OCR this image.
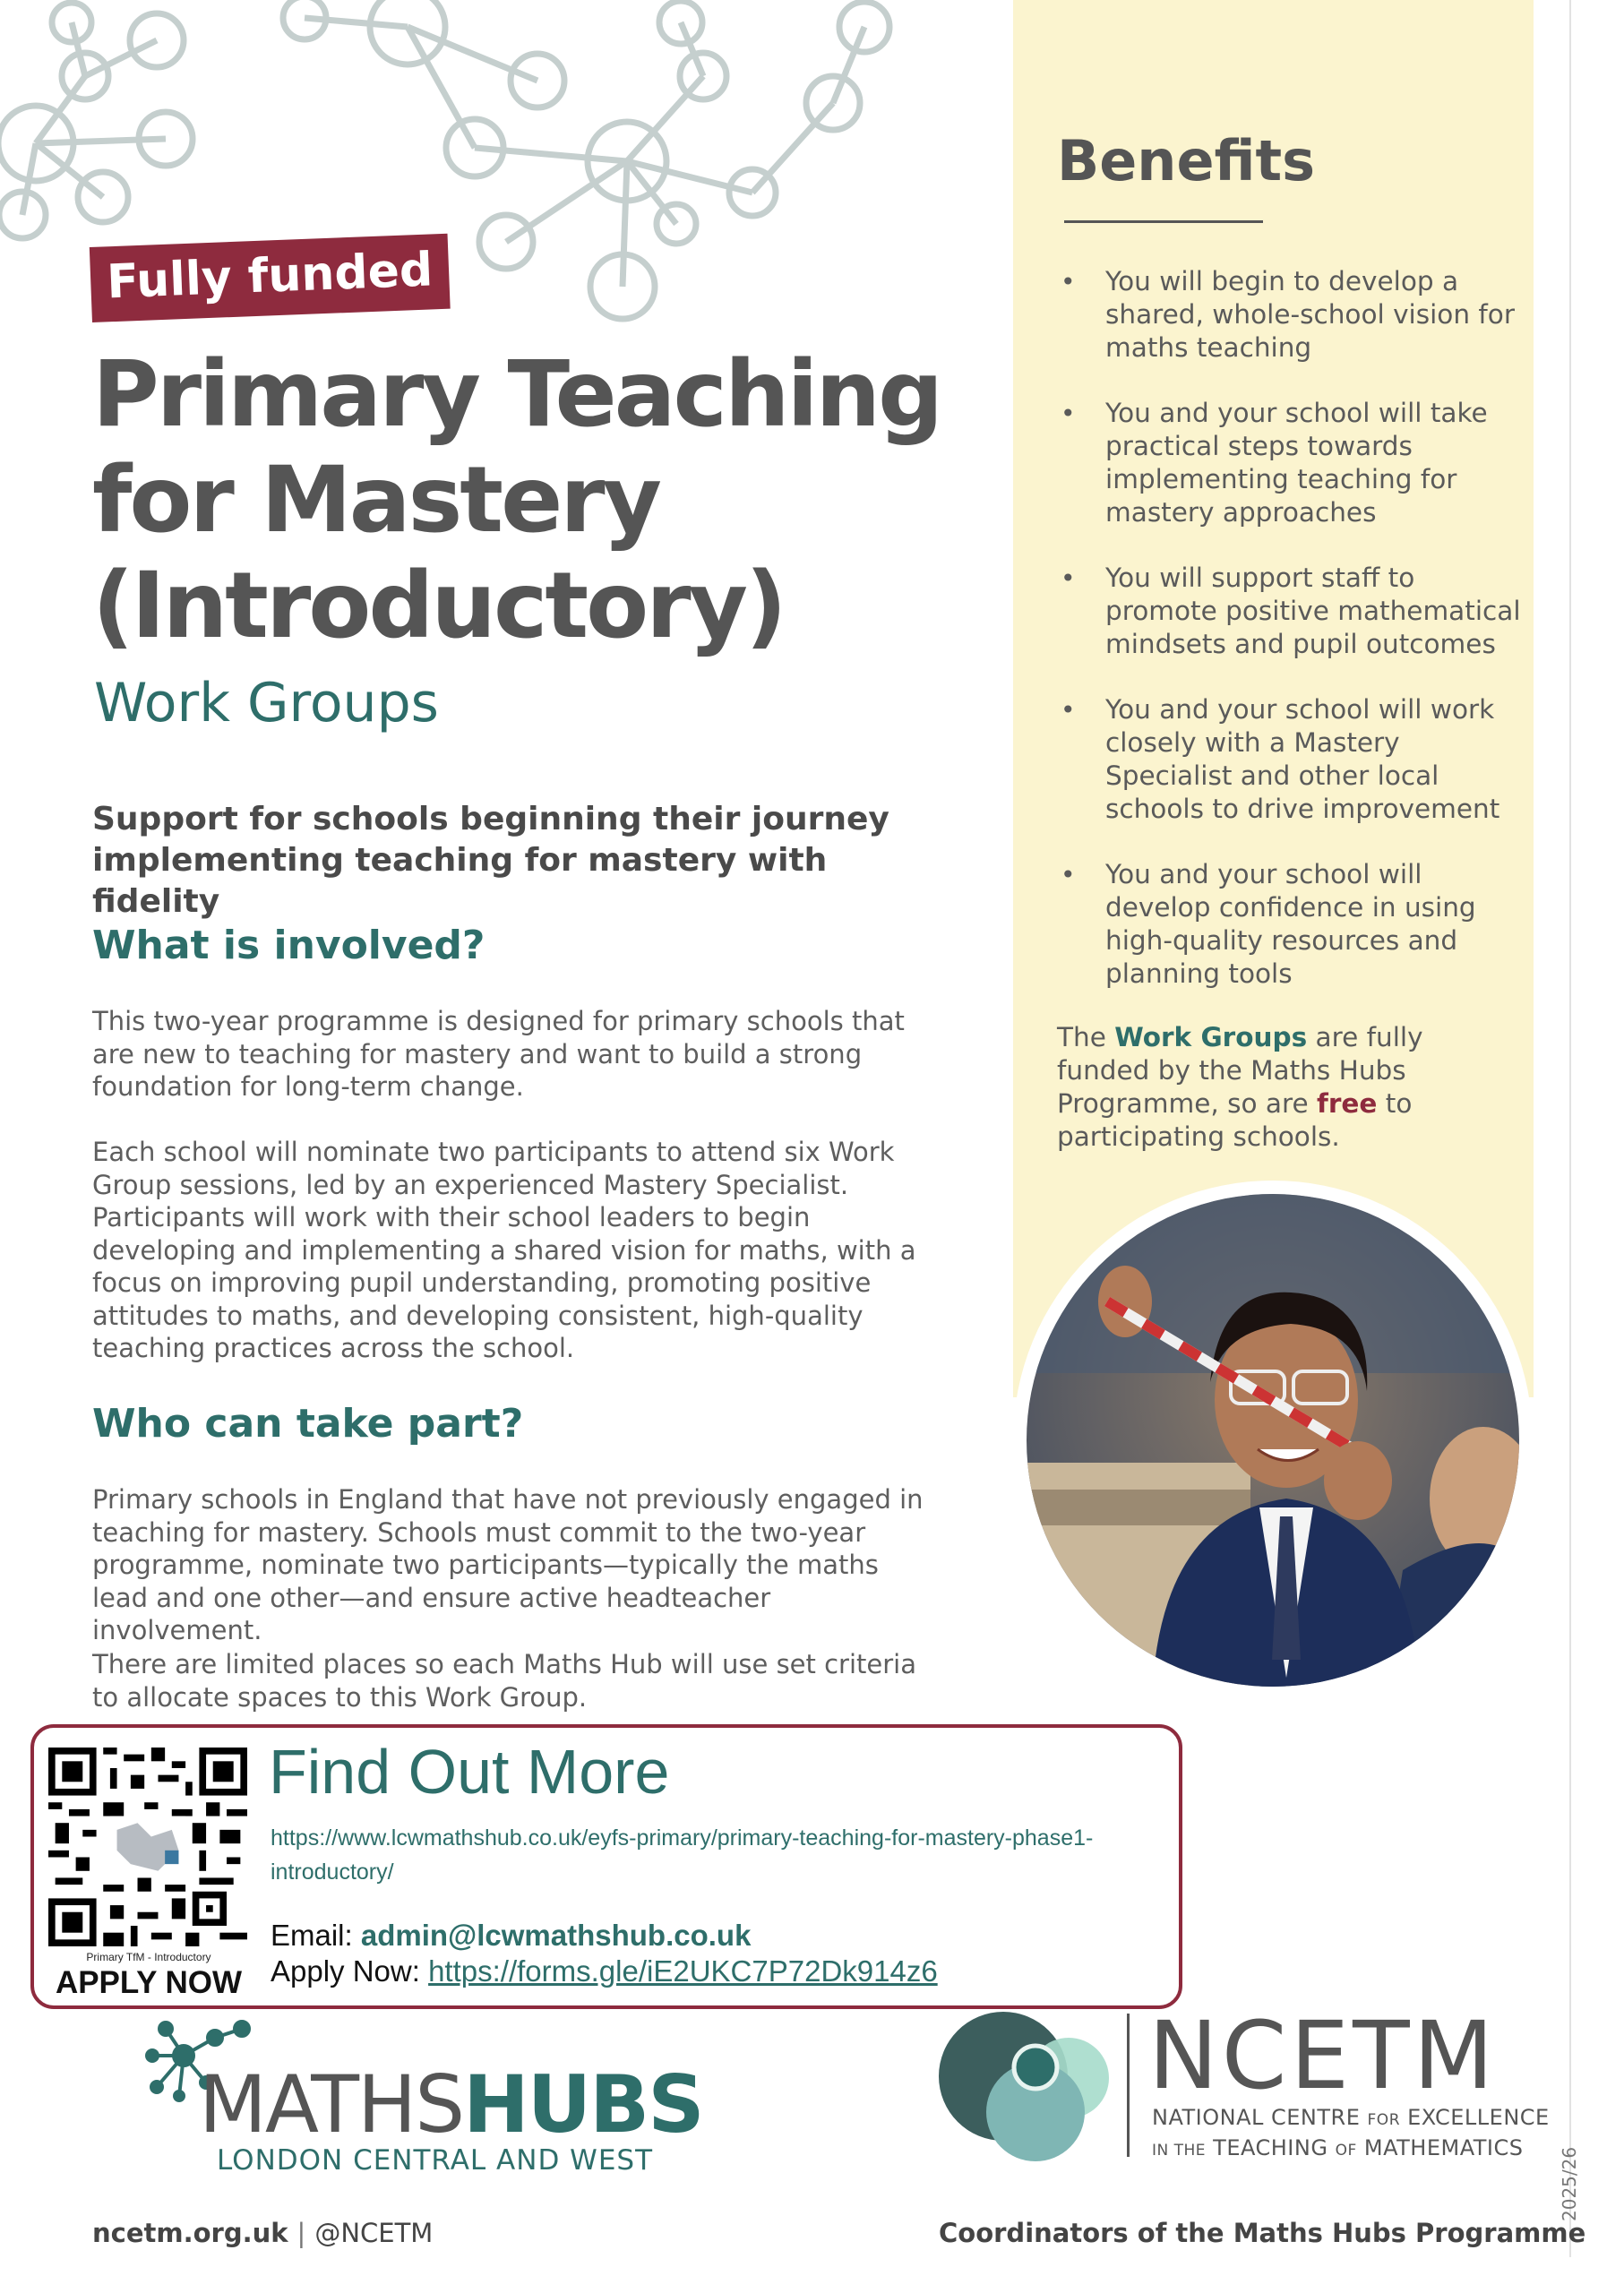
Fully funded
Primary Teaching
for Mastery
(Introductory)
Work Groups

Support for schools beginning their journey implementing teaching for mastery with fidelity

What is involved?

This two-year programme is designed for primary schools that are new to teaching for mastery and want to build a strong foundation for long-term change.

Each school will nominate two participants to attend six Work Group sessions, led by an experienced Mastery Specialist. Participants will work with their school leaders to begin developing and implementing a shared vision for maths, with a focus on improving pupil understanding, promoting positive attitudes to maths, and developing consistent, high-quality teaching practices across the school.

Who can take part?

Primary schools in England that have not previously engaged in teaching for mastery. Schools must commit to the two-year programme, nominate two participants—typically the maths lead and one other—and ensure active headteacher involvement.

There are limited places so each Maths Hub will use set criteria to allocate spaces to this Work Group.

Benefits
• You will begin to develop a shared, whole-school vision for maths teaching
• You and your school will take practical steps towards implementing teaching for mastery approaches
• You will support staff to promote positive mathematical mindsets and pupil outcomes
• You and your school will work closely with a Mastery Specialist and other local schools to drive improvement
• You and your school will develop confidence in using high-quality resources and planning tools

The Work Groups are fully funded by the Maths Hubs Programme, so are free to participating schools.

Primary TfM - Introductory
APPLY NOW
Find Out More
https://www.lcwmathshub.co.uk/eyfs-primary/primary-teaching-for-mastery-phase1-introductory/
Email: admin@lcwmathshub.co.uk
Apply Now: https://forms.gle/iE2UKC7P72Dk914z6
MATHSHUBS
LONDON CENTRAL AND WEST
NCETM
NATIONAL CENTRE FOR EXCELLENCE
IN THE TEACHING OF MATHEMATICS
ncetm.org.uk | @NCETM	Coordinators of the Maths Hubs Programme
2025/26
